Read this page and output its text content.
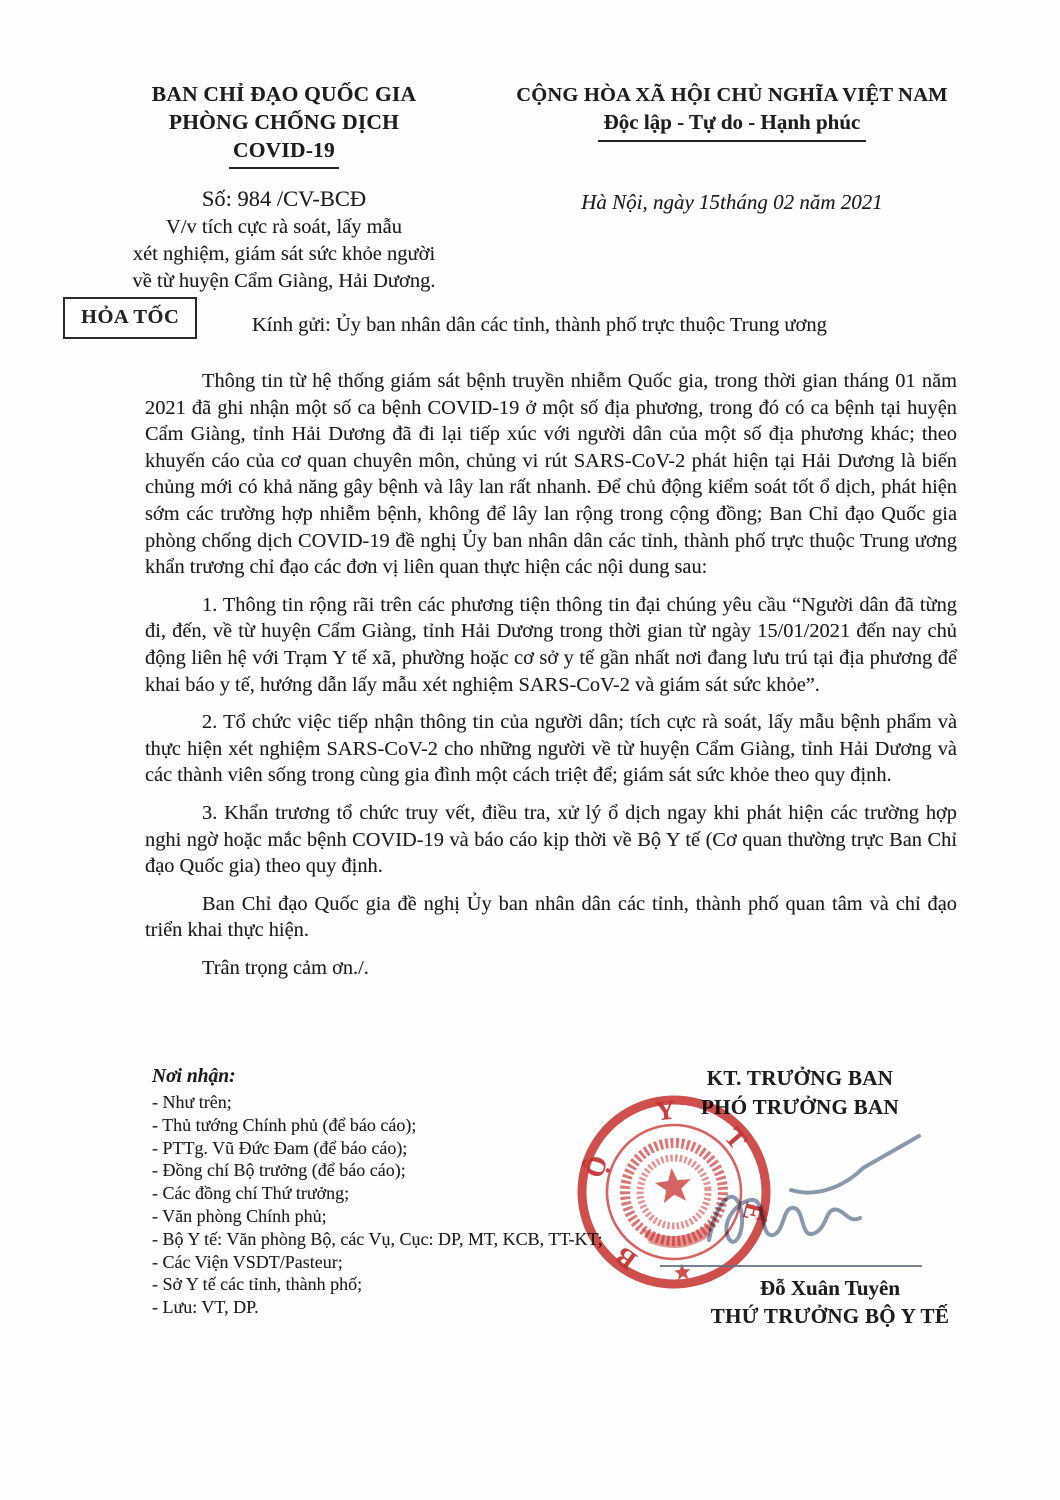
BAN CHỈ ĐẠO QUỐC GIA
PHÒNG CHỐNG DỊCH
COVID-19
CỘNG HÒA XÃ HỘI CHỦ NGHĨA VIỆT NAM
Độc lập - Tự do - Hạnh phúc
Số: 984 /CV-BCĐ
V/v tích cực rà soát, lấy mẫu
xét nghiệm, giám sát sức khỏe người
về từ huyện Cẩm Giàng, Hải Dương.
Hà Nội, ngày 15tháng 02 năm 2021
HỎA TỐC	Kính gửi: Ủy ban nhân dân các tỉnh, thành phố trực thuộc Trung ương

Thông tin từ hệ thống giám sát bệnh truyền nhiễm Quốc gia, trong thời gian tháng 01 năm 2021 đã ghi nhận một số ca bệnh COVID-19 ở một số địa phương, trong đó có ca bệnh tại huyện Cẩm Giàng, tỉnh Hải Dương đã đi lại tiếp xúc với người dân của một số địa phương khác; theo khuyến cáo của cơ quan chuyên môn, chủng vi rút SARS-CoV-2 phát hiện tại Hải Dương là biến chủng mới có khả năng gây bệnh và lây lan rất nhanh. Để chủ động kiểm soát tốt ổ dịch, phát hiện sớm các trường hợp nhiễm bệnh, không để lây lan rộng trong cộng đồng; Ban Chỉ đạo Quốc gia phòng chống dịch COVID-19 đề nghị Ủy ban nhân dân các tỉnh, thành phố trực thuộc Trung ương khẩn trương chỉ đạo các đơn vị liên quan thực hiện các nội dung sau:

1. Thông tin rộng rãi trên các phương tiện thông tin đại chúng yêu cầu “Người dân đã từng đi, đến, về từ huyện Cẩm Giàng, tỉnh Hải Dương trong thời gian từ ngày 15/01/2021 đến nay chủ động liên hệ với Trạm Y tế xã, phường hoặc cơ sở y tế gần nhất nơi đang lưu trú tại địa phương để khai báo y tế, hướng dẫn lấy mẫu xét nghiệm SARS-CoV-2 và giám sát sức khỏe”.

2. Tổ chức việc tiếp nhận thông tin của người dân; tích cực rà soát, lấy mẫu bệnh phẩm và thực hiện xét nghiệm SARS-CoV-2 cho những người về từ huyện Cẩm Giàng, tỉnh Hải Dương và các thành viên sống trong cùng gia đình một cách triệt để; giám sát sức khỏe theo quy định.

3. Khẩn trương tổ chức truy vết, điều tra, xử lý ổ dịch ngay khi phát hiện các trường hợp nghi ngờ hoặc mắc bệnh COVID-19 và báo cáo kịp thời về Bộ Y tế (Cơ quan thường trực Ban Chỉ đạo Quốc gia) theo quy định.

Ban Chỉ đạo Quốc gia đề nghị Ủy ban nhân dân các tỉnh, thành phố quan tâm và chỉ đạo triển khai thực hiện.

Trân trọng cảm ơn./.

Nơi nhận:
- Như trên;
- Thủ tướng Chính phủ (để báo cáo);
- PTTg. Vũ Đức Đam (để báo cáo);
- Đồng chí Bộ trưởng (để báo cáo);
- Các đồng chí Thứ trưởng;
- Văn phòng Chính phủ;
- Bộ Y tế: Văn phòng Bộ, các Vụ, Cục: DP, MT, KCB, TT-KT;
- Các Viện VSDT/Pasteur;
- Sở Y tế các tỉnh, thành phố;
- Lưu: VT, DP.
KT. TRƯỞNG BAN
PHÓ TRƯỞNG BAN
B
Ộ
Y
T
Ế
Đỗ Xuân Tuyên
THỨ TRƯỞNG BỘ Y TẾ
